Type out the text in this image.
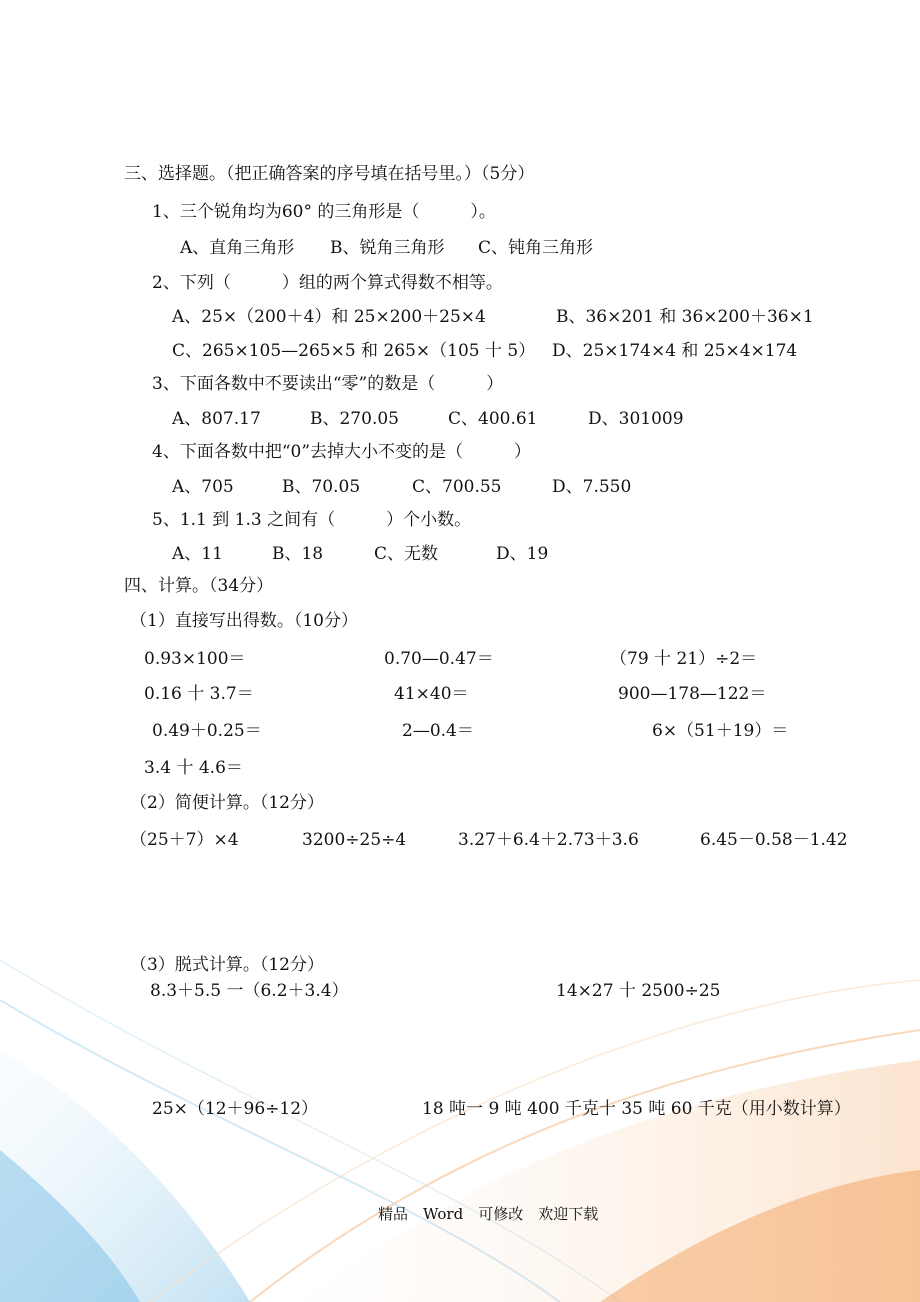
三、选择题。（把正确答案的序号填在括号里。）（5分）
1、三个锐角均为60° 的三角形是（　　　）。
A、直角三角形 B、锐角三角形 C、钝角三角形
2、下列（　　　）组的两个算式得数不相等。
A、25×（200＋4）和 25×200＋25×4	B、36×201 和 36×200＋36×1
C、265×105—265×5 和 265×（105 十 5） D、25×174×4 和 25×4×174
3、下面各数中不要读出“零”的数是（　　　）
A、807.17	B、270.05	C、400.61	D、301009
4、下面各数中把“0”去掉大小不变的是（　　　）
A、705	B、70.05	C、700.55	D、7.550
5、1.1 到 1.3 之间有（　　　）个小数。
A、11	B、18	C、无数	D、19
四、计算。（34分）
（1）直接写出得数。（10分）
0.93×100＝	0.70—0.47＝	（79 十 21）÷2＝
0.16 十 3.7＝	41×40＝	900—178—122＝
0.49＋0.25＝	2—0.4＝	6×（51＋19）＝
3.4 十 4.6＝
（2）简便计算。（12分）
（25＋7）×4	3200÷25÷4	3.27＋6.4＋2.73＋3.6	6.45－0.58－1.42
（3）脱式计算。（12分）
8.3＋5.5 一（6.2＋3.4）	14×27 十 2500÷25
25×（12＋96÷12）	18 吨一 9 吨 400 千克十 35 吨 60 千克（用小数计算）
精品　Word　可修改　欢迎下载
